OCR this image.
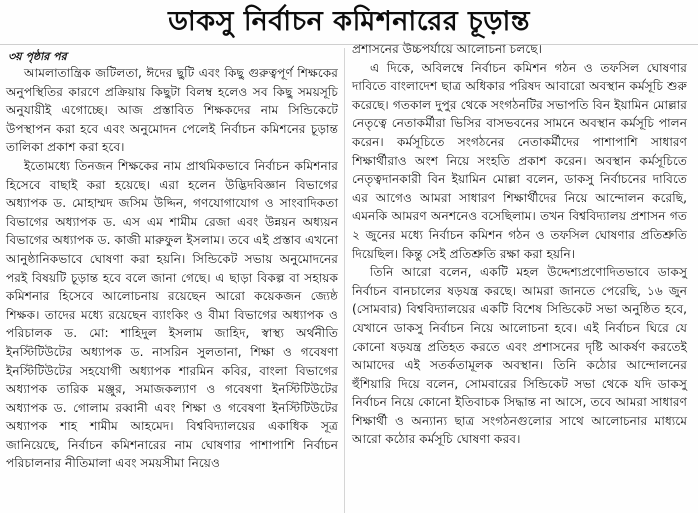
ডাকসু নির্বাচন কমিশনারের চূড়ান্ত
৩য় পৃষ্ঠার পর

আমলাতান্ত্রিক জটিলতা, ঈদের ছুটি এবং কিছু গুরুত্বপূর্ণ শিক্ষকের অনুপস্থিতির কারণে প্রক্রিয়ায় কিছুটা বিলম্ব হলেও সব কিছু সময়সূচি অনুযায়ীই এগোচ্ছে। আজ প্রস্তাবিত শিক্ষকদের নাম সিন্ডিকেটে উপস্থাপন করা হবে এবং অনুমোদন পেলেই নির্বাচন কমিশনের চূড়ান্ত তালিকা প্রকাশ করা হবে।

ইতোমধ্যে তিনজন শিক্ষকের নাম প্রাথমিকভাবে নির্বাচন কমিশনার হিসেবে বাছাই করা হয়েছে। এরা হলেন উদ্ভিদবিজ্ঞান বিভাগের অধ্যাপক ড. মোহাম্মদ জসিম উদ্দিন, গণযোগাযোগ ও সাংবাদিকতা বিভাগের অধ্যাপক ড. এস এম শামীম রেজা এবং উন্নয়ন অধ্যয়ন বিভাগের অধ্যাপক ড. কাজী মারুফুল ইসলাম। তবে এই প্রস্তাব এখনো আনুষ্ঠানিকভাবে ঘোষণা করা হয়নি। সিন্ডিকেট সভায় অনুমোদনের পরই বিষয়টি চূড়ান্ত হবে বলে জানা গেছে। এ ছাড়া বিকল্প বা সহায়ক কমিশনার হিসেবে আলোচনায় রয়েছেন আরো কয়েকজন জ্যেষ্ঠ শিক্ষক। তাদের মধ্যে রয়েছেন ব্যাংকিং ও বীমা বিভাগের অধ্যাপক ও পরিচালক ড. মো: শাহিদুল ইসলাম জাহিদ, স্বাস্থ্য অর্থনীতি ইনস্টিটিউটের অধ্যাপক ড. নাসরিন সুলতানা, শিক্ষা ও গবেষণা ইনস্টিটিউটের সহযোগী অধ্যাপক শারমিন কবির, বাংলা বিভাগের অধ্যাপক তারিক মঞ্জুর, সমাজকল্যাণ ও গবেষণা ইনস্টিটিউটের অধ্যাপক ড. গোলাম রব্বানী এবং শিক্ষা ও গবেষণা ইনস্টিটিউটের অধ্যাপক শাহ শামীম আহমেদ। বিশ্ববিদ্যালয়ের একাধিক সূত্র জানিয়েছে, নির্বাচন কমিশনারের নাম ঘোষণার পাশাপাশি নির্বাচন পরিচালনার নীতিমালা এবং সময়সীমা নিয়েও

প্রশাসনের উচ্চপর্যায়ে আলোচনা চলছে।

এ দিকে, অবিলম্বে নির্বাচন কমিশন গঠন ও তফসিল ঘোষণার দাবিতে বাংলাদেশ ছাত্র অধিকার পরিষদ আবারো অবস্থান কর্মসূচি শুরু করেছে। গতকাল দুপুর থেকে সংগঠনটির সভাপতি বিন ইয়ামিন মোল্লার নেতৃত্বে নেতাকর্মীরা ভিসির বাসভবনের সামনে অবস্থান কর্মসূচি পালন করেন। কর্মসূচিতে সংগঠনের নেতাকর্মীদের পাশাপাশি সাধারণ শিক্ষার্থীরাও অংশ নিয়ে সংহতি প্রকাশ করেন। অবস্থান কর্মসূচিতে নেতৃত্বদানকারী বিন ইয়ামিন মোল্লা বলেন, ডাকসু নির্বাচনের দাবিতে এর আগেও আমরা সাধারণ শিক্ষার্থীদের নিয়ে আন্দোলন করেছি, এমনকি আমরণ অনশনেও বসেছিলাম। তখন বিশ্ববিদ্যালয় প্রশাসন গত ২ জুনের মধ্যে নির্বাচন কমিশন গঠন ও তফসিল ঘোষণার প্রতিশ্রুতি দিয়েছিল। কিন্তু সেই প্রতিশ্রুতি রক্ষা করা হয়নি।

তিনি আরো বলেন, একটি মহল উদ্দেশ্যপ্রণোদিতভাবে ডাকসু নির্বাচন বানচালের ষড়যন্ত্র করছে। আমরা জানতে পেরেছি, ১৬ জুন (সোমবার) বিশ্ববিদ্যালয়ের একটি বিশেষ সিন্ডিকেট সভা অনুষ্ঠিত হবে, যেখানে ডাকসু নির্বাচন নিয়ে আলোচনা হবে। এই নির্বাচন ঘিরে যে কোনো ষড়যন্ত্র প্রতিহত করতে এবং প্রশাসনের দৃষ্টি আকর্ষণ করতেই আমাদের এই সতর্কতামূলক অবস্থান। তিনি কঠোর আন্দোলনের হুঁশিয়ারি দিয়ে বলেন, সোমবারের সিন্ডিকেট সভা থেকে যদি ডাকসু নির্বাচন নিয়ে কোনো ইতিবাচক সিদ্ধান্ত না আসে, তবে আমরা সাধারণ শিক্ষার্থী ও অন্যান্য ছাত্র সংগঠনগুলোর সাথে আলোচনার মাধ্যমে আরো কঠোর কর্মসূচি ঘোষণা করব।
